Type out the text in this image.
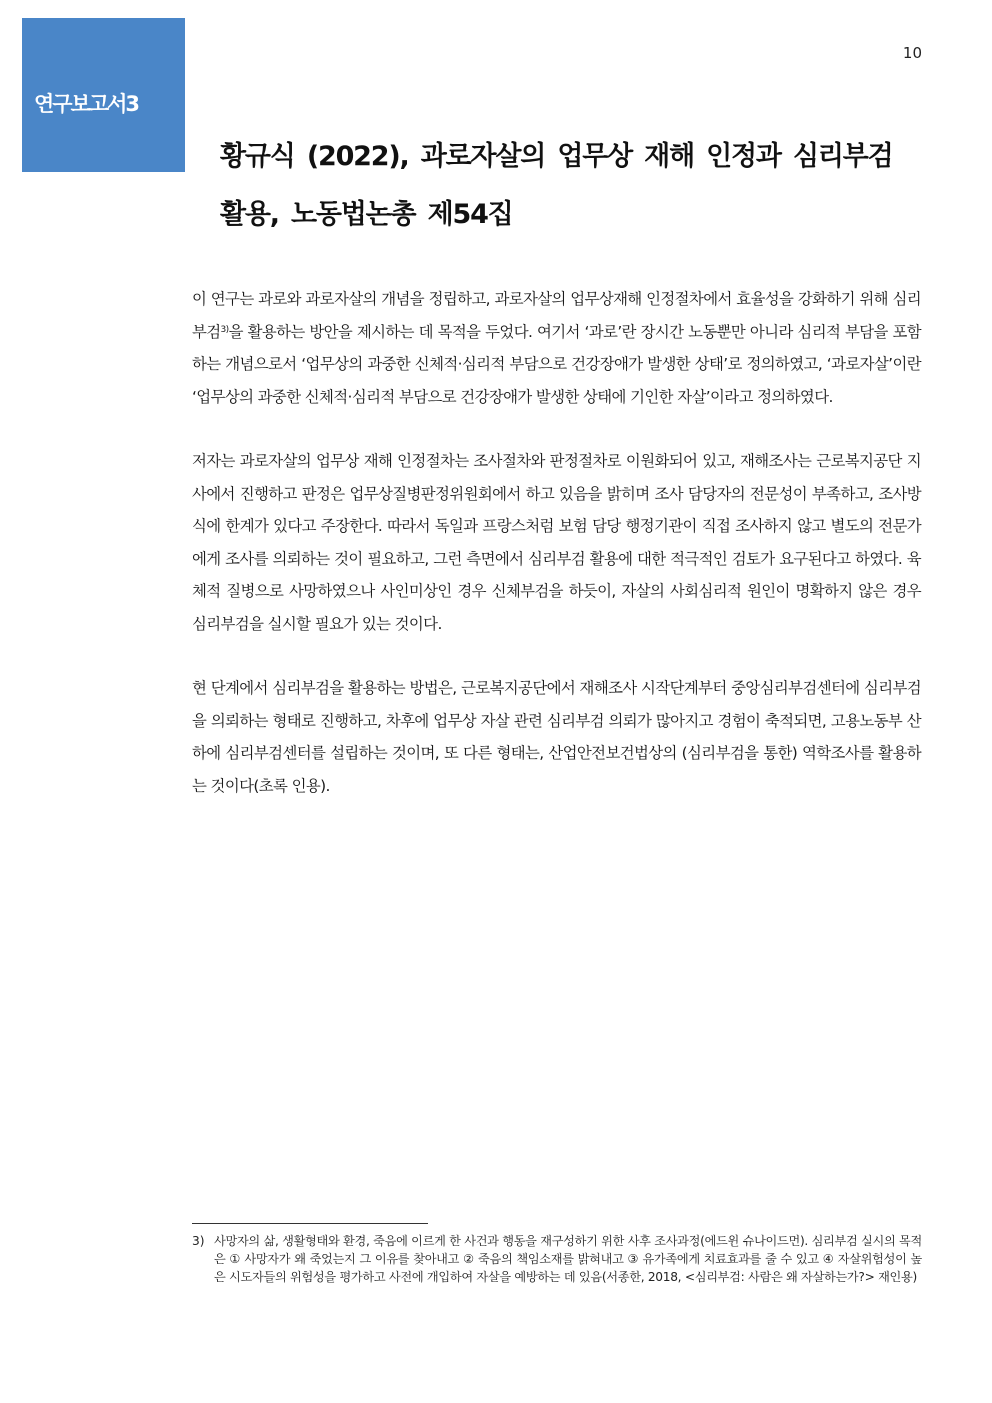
연구보고서3
10
황규식 (2022), 과로자살의 업무상 재해 인정과 심리부검 활용, 노동법논총 제54집

이 연구는 과로와 과로자살의 개념을 정립하고, 과로자살의 업무상재해 인정절차에서 효율성을 강화하기 위해 심리부검$^{3)}$을 활용하는 방안을 제시하는 데 목적을 두었다. 여기서 ‘과로’란 장시간 노동뿐만 아니라 심리적 부담을 포함하는 개념으로서 ‘업무상의 과중한 신체적·심리적 부담으로 건강장애가 발생한 상태’로 정의하였고, ‘과로자살’이란 ‘업무상의 과중한 신체적·심리적 부담으로 건강장애가 발생한 상태에 기인한 자살’이라고 정의하였다.

저자는 과로자살의 업무상 재해 인정절차는 조사절차와 판정절차로 이원화되어 있고, 재해조사는 근로복지공단 지사에서 진행하고 판정은 업무상질병판정위원회에서 하고 있음을 밝히며 조사 담당자의 전문성이 부족하고, 조사방식에 한계가 있다고 주장한다. 따라서 독일과 프랑스처럼 보험 담당 행정기관이 직접 조사하지 않고 별도의 전문가에게 조사를 의뢰하는 것이 필요하고, 그런 측면에서 심리부검 활용에 대한 적극적인 검토가 요구된다고 하였다. 육체적 질병으로 사망하였으나 사인미상인 경우 신체부검을 하듯이, 자살의 사회심리적 원인이 명확하지 않은 경우 심리부검을 실시할 필요가 있는 것이다.

현 단계에서 심리부검을 활용하는 방법은, 근로복지공단에서 재해조사 시작단계부터 중앙심리부검센터에 심리부검을 의뢰하는 형태로 진행하고, 차후에 업무상 자살 관련 심리부검 의뢰가 많아지고 경험이 축적되면, 고용노동부 산하에 심리부검센터를 설립하는 것이며, 또 다른 형태는, 산업안전보건법상의 (심리부검을 통한) 역학조사를 활용하는 것이다(초록 인용).

3) 사망자의 삶, 생활형태와 환경, 죽음에 이르게 한 사건과 행동을 재구성하기 위한 사후 조사과정(에드윈 슈나이드먼). 심리부검 실시의 목적은 ① 사망자가 왜 죽었는지 그 이유를 찾아내고 ② 죽음의 책임소재를 밝혀내고 ③ 유가족에게 치료효과를 줄 수 있고 ④ 자살위험성이 높은 시도자들의 위험성을 평가하고 사전에 개입하여 자살을 예방하는 데 있음(서종한, 2018, <심리부검: 사람은 왜 자살하는가?> 재인용)
